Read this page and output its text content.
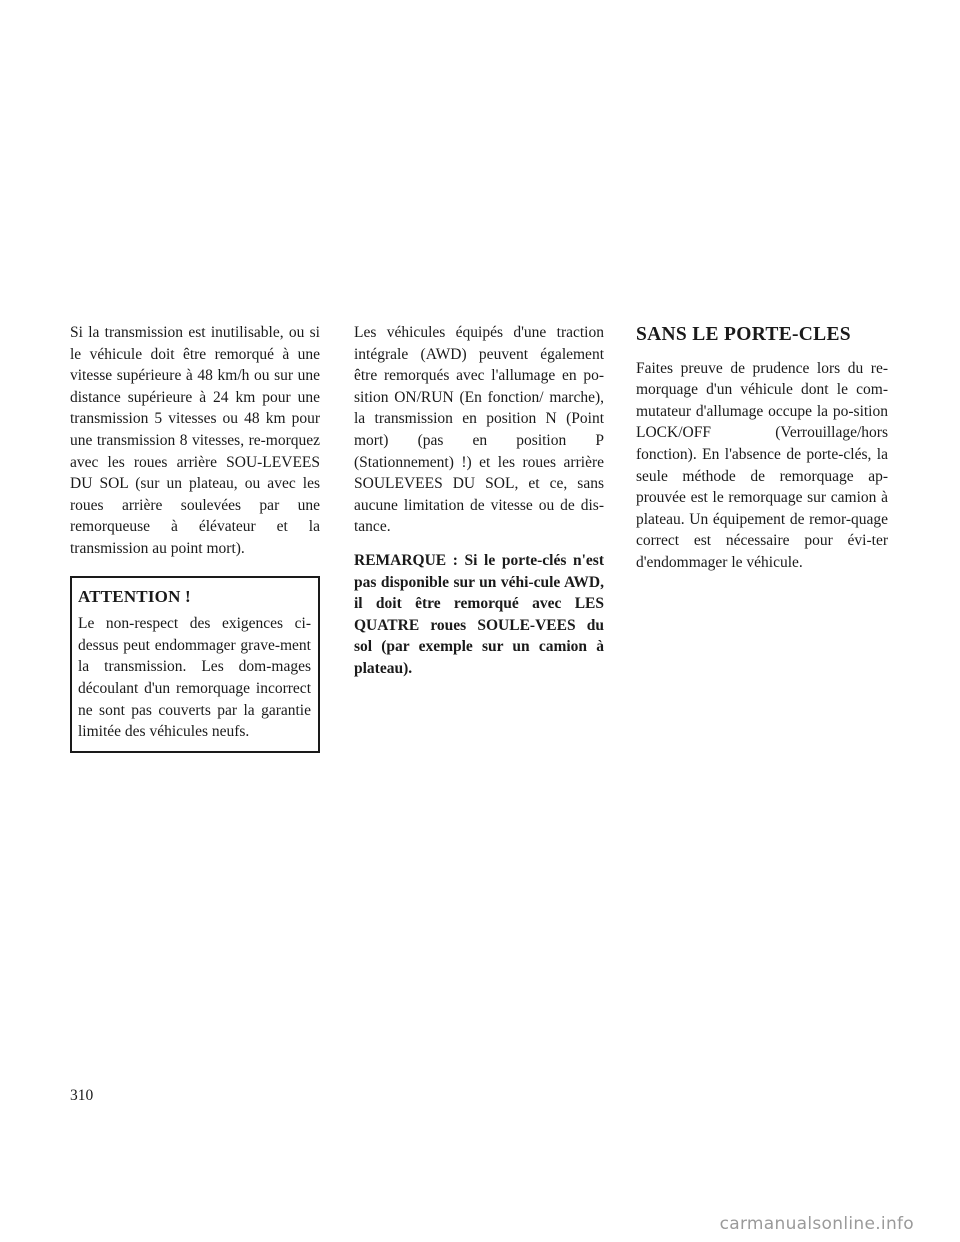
Si la transmission est inutilisable, ou si le véhicule doit être remorqué à une vitesse supérieure à 48 km/h ou sur une distance supérieure à 24 km pour une transmission 5 vitesses ou 48 km pour une transmission 8 vitesses, re-morquez avec les roues arrière SOU-LEVEES DU SOL (sur un plateau, ou avec les roues arrière soulevées par une remorqueuse à élévateur et la transmission au point mort).

ATTENTION !

Le non-respect des exigences ci-dessus peut endommager grave-ment la transmission. Les dom-mages découlant d'un remorquage incorrect ne sont pas couverts par la garantie limitée des véhicules neufs.

Les véhicules équipés d'une traction intégrale (AWD) peuvent également être remorqués avec l'allumage en po-sition ON/RUN (En fonction/ marche), la transmission en position N (Point mort) (pas en position P (Stationnement) !) et les roues arrière SOULEVEES DU SOL, et ce, sans aucune limitation de vitesse ou de dis-tance.

REMARQUE : Si le porte-clés n'est pas disponible sur un véhi-cule AWD, il doit être remorqué avec LES QUATRE roues SOULE-VEES du sol (par exemple sur un camion à plateau).

SANS LE PORTE-CLES

Faites preuve de prudence lors du re-morquage d'un véhicule dont le com-mutateur d'allumage occupe la po-sition LOCK/OFF (Verrouillage/hors fonction). En l'absence de porte-clés, la seule méthode de remorquage ap-prouvée est le remorquage sur camion à plateau. Un équipement de remor-quage correct est nécessaire pour évi-ter d'endommager le véhicule.

310
carmanualsonline.info
